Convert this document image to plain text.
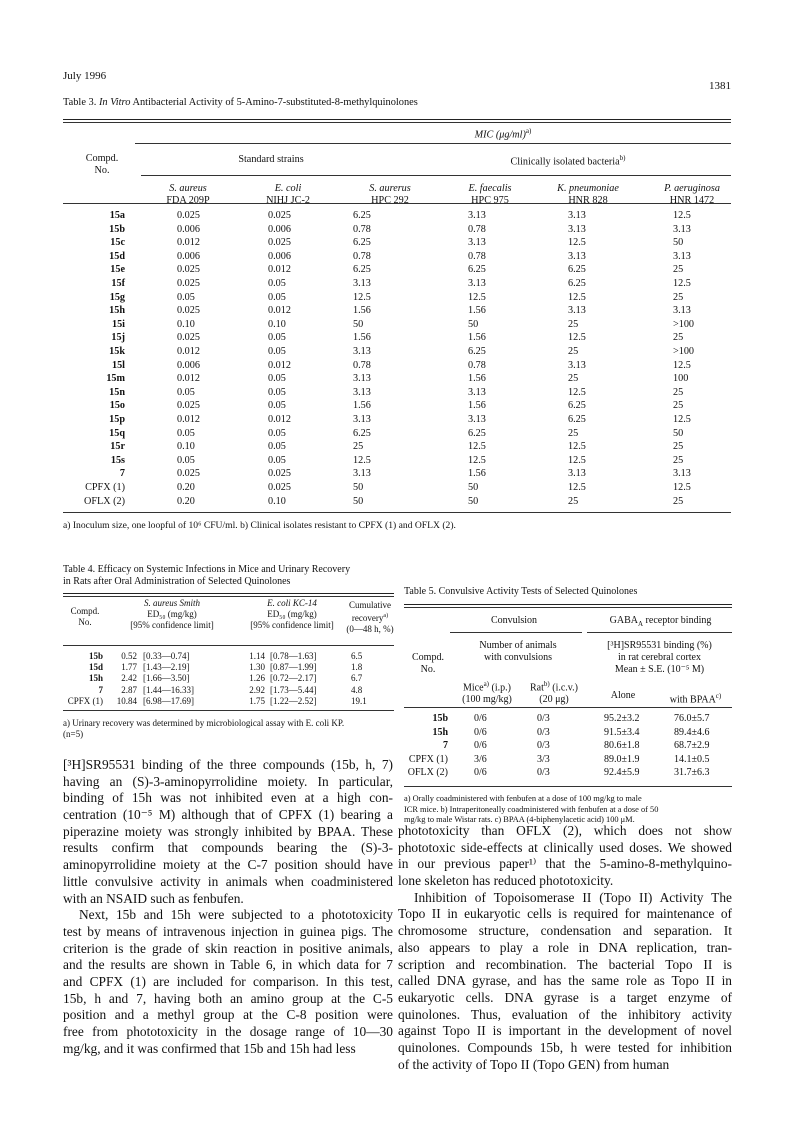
July 1996
1381
Table 3. In Vitro Antibacterial Activity of 5-Amino-7-substituted-8-methylquinolones
MIC $(\mu g/ml)^{a)}$
Compd.
No.
Standard strains	Clinically isolated bacteria$^{b)}$
S. aureus
FDA 209P
E. coli
NIHJ JC-2
S. aurerus
HPC 292
E. faecalis
HPC 975
K. pneumoniae
HNR 828
P. aeruginosa
HNR 1472
15a	0.025	0.025	6.25	3.13	3.13	12.5
15b	0.006	0.006	0.78	0.78	3.13	3.13
15c	0.012	0.025	6.25	3.13	12.5	50
15d	0.006	0.006	0.78	0.78	3.13	3.13
15e	0.025	0.012	6.25	6.25	6.25	25
15f	0.025	0.05	3.13	3.13	6.25	12.5
15g	0.05	0.05	12.5	12.5	12.5	25
15h	0.025	0.012	1.56	1.56	3.13	3.13
15i	0.10	0.10	50	50	25	>100
15j	0.025	0.05	1.56	1.56	12.5	25
15k	0.012	0.05	3.13	6.25	25	>100
15l	0.006	0.012	0.78	0.78	3.13	12.5
15m	0.012	0.05	3.13	1.56	25	100
15n	0.05	0.05	3.13	3.13	12.5	25
15o	0.025	0.05	1.56	1.56	6.25	25
15p	0.012	0.012	3.13	3.13	6.25	12.5
15q	0.05	0.05	6.25	6.25	25	50
15r	0.10	0.05	25	12.5	12.5	25
15s	0.05	0.05	12.5	12.5	12.5	25
7	0.025	0.025	3.13	1.56	3.13	3.13
CPFX (1)	0.20	0.025	50	50	12.5	12.5
OFLX (2)	0.20	0.10	50	50	25	25
a) Inoculum size, one loopful of 10⁶ CFU/ml. b) Clinical isolates resistant to CPFX (1) and OFLX (2).
Table 4. Efficacy on Systemic Infections in Mice and Urinary Recovery
in Rats after Oral Administration of Selected Quinolones
Compd.
No.
S. aureus Smith
ED₅₀ (mg/kg)
[95% confidence limit]
E. coli KC-14
ED₅₀ (mg/kg)
[95% confidence limit]
Cumulative
recovery$^{a)}$
(0—48 h, %)
15b	0.52 [0.33—0.74]	1.14 [0.78—1.63]	6.5
15d	1.77 [1.43—2.19]	1.30 [0.87—1.99]	1.8
15h	2.42 [1.66—3.50]	1.26 [0.72—2.17]	6.7
7	2.87 [1.44—16.33]	2.92 [1.73—5.44]	4.8
CPFX (1)	10.84 [6.98—17.69]	1.75 [1.22—2.52]	19.1
a) Urinary recovery was determined by microbiological assay with E. coli KP.
(n=5)
Table 5. Convulsive Activity Tests of Selected Quinolones
Convulsion	$GABA_A$ receptor binding
Compd.
No.
Number of animals
with convulsions
[³H]SR95531 binding (%)
in rat cerebral cortex
Mean ± S.E. (10⁻⁵ M)
Mice$^{a)}$ (i.p.)
(100 mg/kg)
Rat$^{b)}$ (i.c.v.)
(20 μg)	Alone	with BPAA$^{c)}$
15b	0/6	0/3	95.2±3.2	76.0±5.7
15h	0/6	0/3	91.5±3.4	89.4±4.6
7	0/6	0/3	80.6±1.8	68.7±2.9
CPFX (1)	3/6	3/3	89.0±1.9	14.1±0.5
OFLX (2)	0/6	0/3	92.4±5.9	31.7±6.3
a) Orally coadministered with fenbufen at a dose of 100 mg/kg to male
ICR mice. b) Intraperitoneally coadministered with fenbufen at a dose of 50
mg/kg to male Wistar rats. c) BPAA (4-biphenylacetic acid) 100 μM.
[³H]SR95531 binding of the three compounds (15b, h, 7)
having an (S)-3-aminopyrrolidine moiety. In particular,
binding of 15h was not inhibited even at a high con-
centration (10⁻⁵ M) although that of CPFX (1) bearing a
piperazine moiety was strongly inhibited by BPAA. These
results confirm that compounds bearing the (S)-3-
aminopyrrolidine moiety at the C-7 position should have
little convulsive activity in animals when coadministered
with an NSAID such as fenbufen.
Next, 15b and 15h were subjected to a phototoxicity
test by means of intravenous injection in guinea pigs. The
criterion is the grade of skin reaction in positive animals,
and the results are shown in Table 6, in which data for 7
and CPFX (1) are included for comparison. In this test,
15b, h and 7, having both an amino group at the C-5
position and a methyl group at the C-8 position were
free from phototoxicity in the dosage range of 10—30
mg/kg, and it was confirmed that 15b and 15h had less
phototoxicity than OFLX (2), which does not show
phototoxic side-effects at clinically used doses. We showed
in our previous paper¹⁾ that the 5-amino-8-methylquino-
lone skeleton has reduced phototoxicity.
Inhibition of Topoisomerase II (Topo II) Activity The
Topo II in eukaryotic cells is required for maintenance of
chromosome structure, condensation and separation. It
also appears to play a role in DNA replication, tran-
scription and recombination. The bacterial Topo II is
called DNA gyrase, and has the same role as Topo II in
eukaryotic cells. DNA gyrase is a target enzyme of
quinolones. Thus, evaluation of the inhibitory activity
against Topo II is important in the development of novel
quinolones. Compounds 15b, h were tested for inhibition
of the activity of Topo II (Topo GEN) from human
